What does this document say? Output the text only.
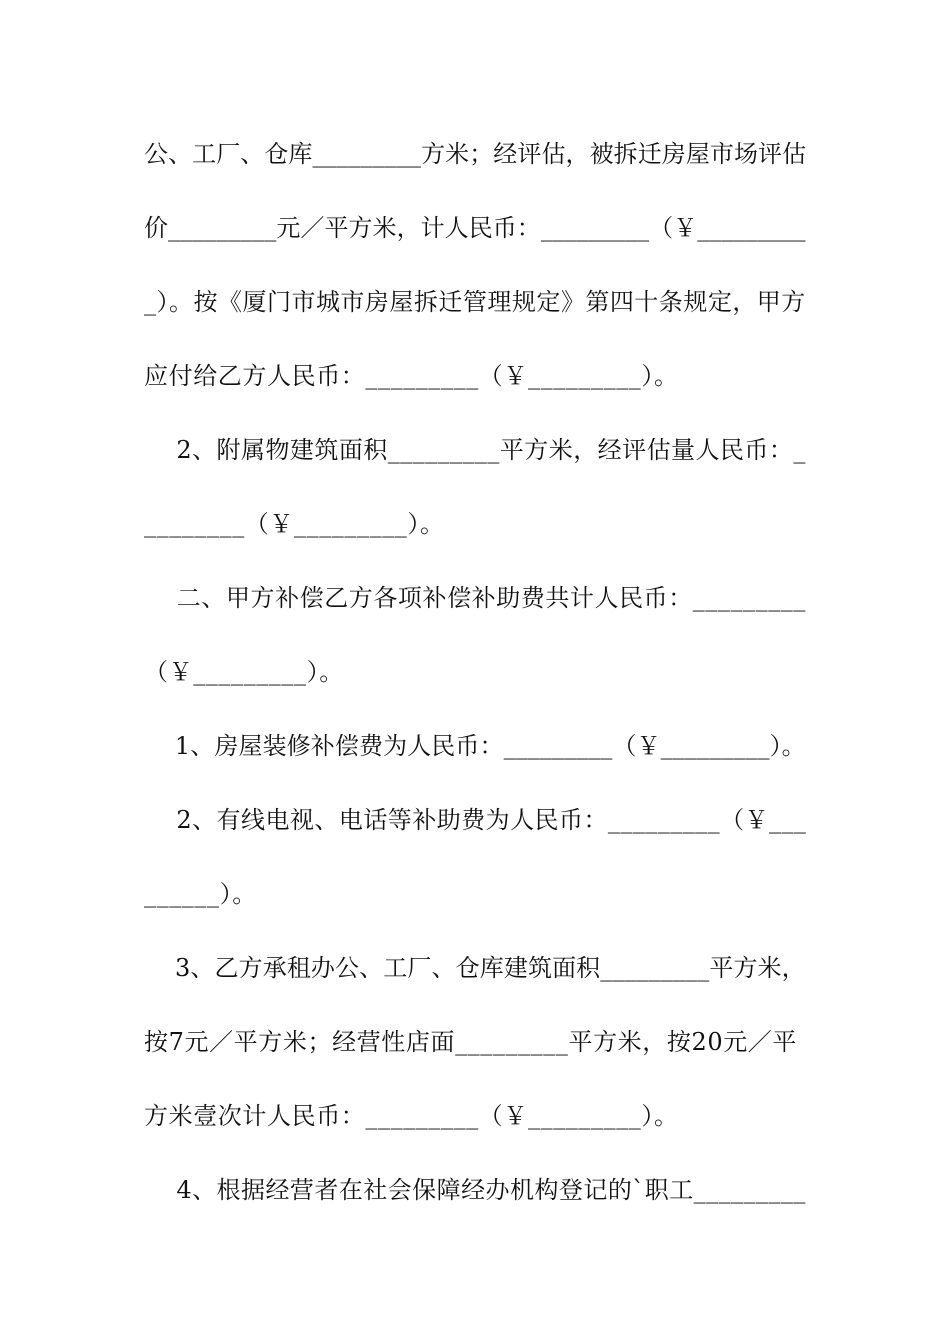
公、工厂、仓库_________方米；经评估，被拆迁房屋市场评估
价_________元／平方米，计人民币：_________（￥_________
_）。按《厦门市城市房屋拆迁管理规定》第四十条规定，甲方
应付给乙方人民币：_________（￥_________）。
2、附属物建筑面积_________平方米，经评估量人民币：_
________（￥_________）。
二、甲方补偿乙方各项补偿补助费共计人民币：_________
（￥_________）。
1、房屋装修补偿费为人民币：_________（￥_________）。
2、有线电视、电话等补助费为人民币：_________（￥___
______）。
3、乙方承租办公、工厂、仓库建筑面积_________平方米，
按7元／平方米；经营性店面_________平方米，按20元／平
方米壹次计人民币：_________（￥_________）。
4、根据经营者在社会保障经办机构登记的`职工_________
